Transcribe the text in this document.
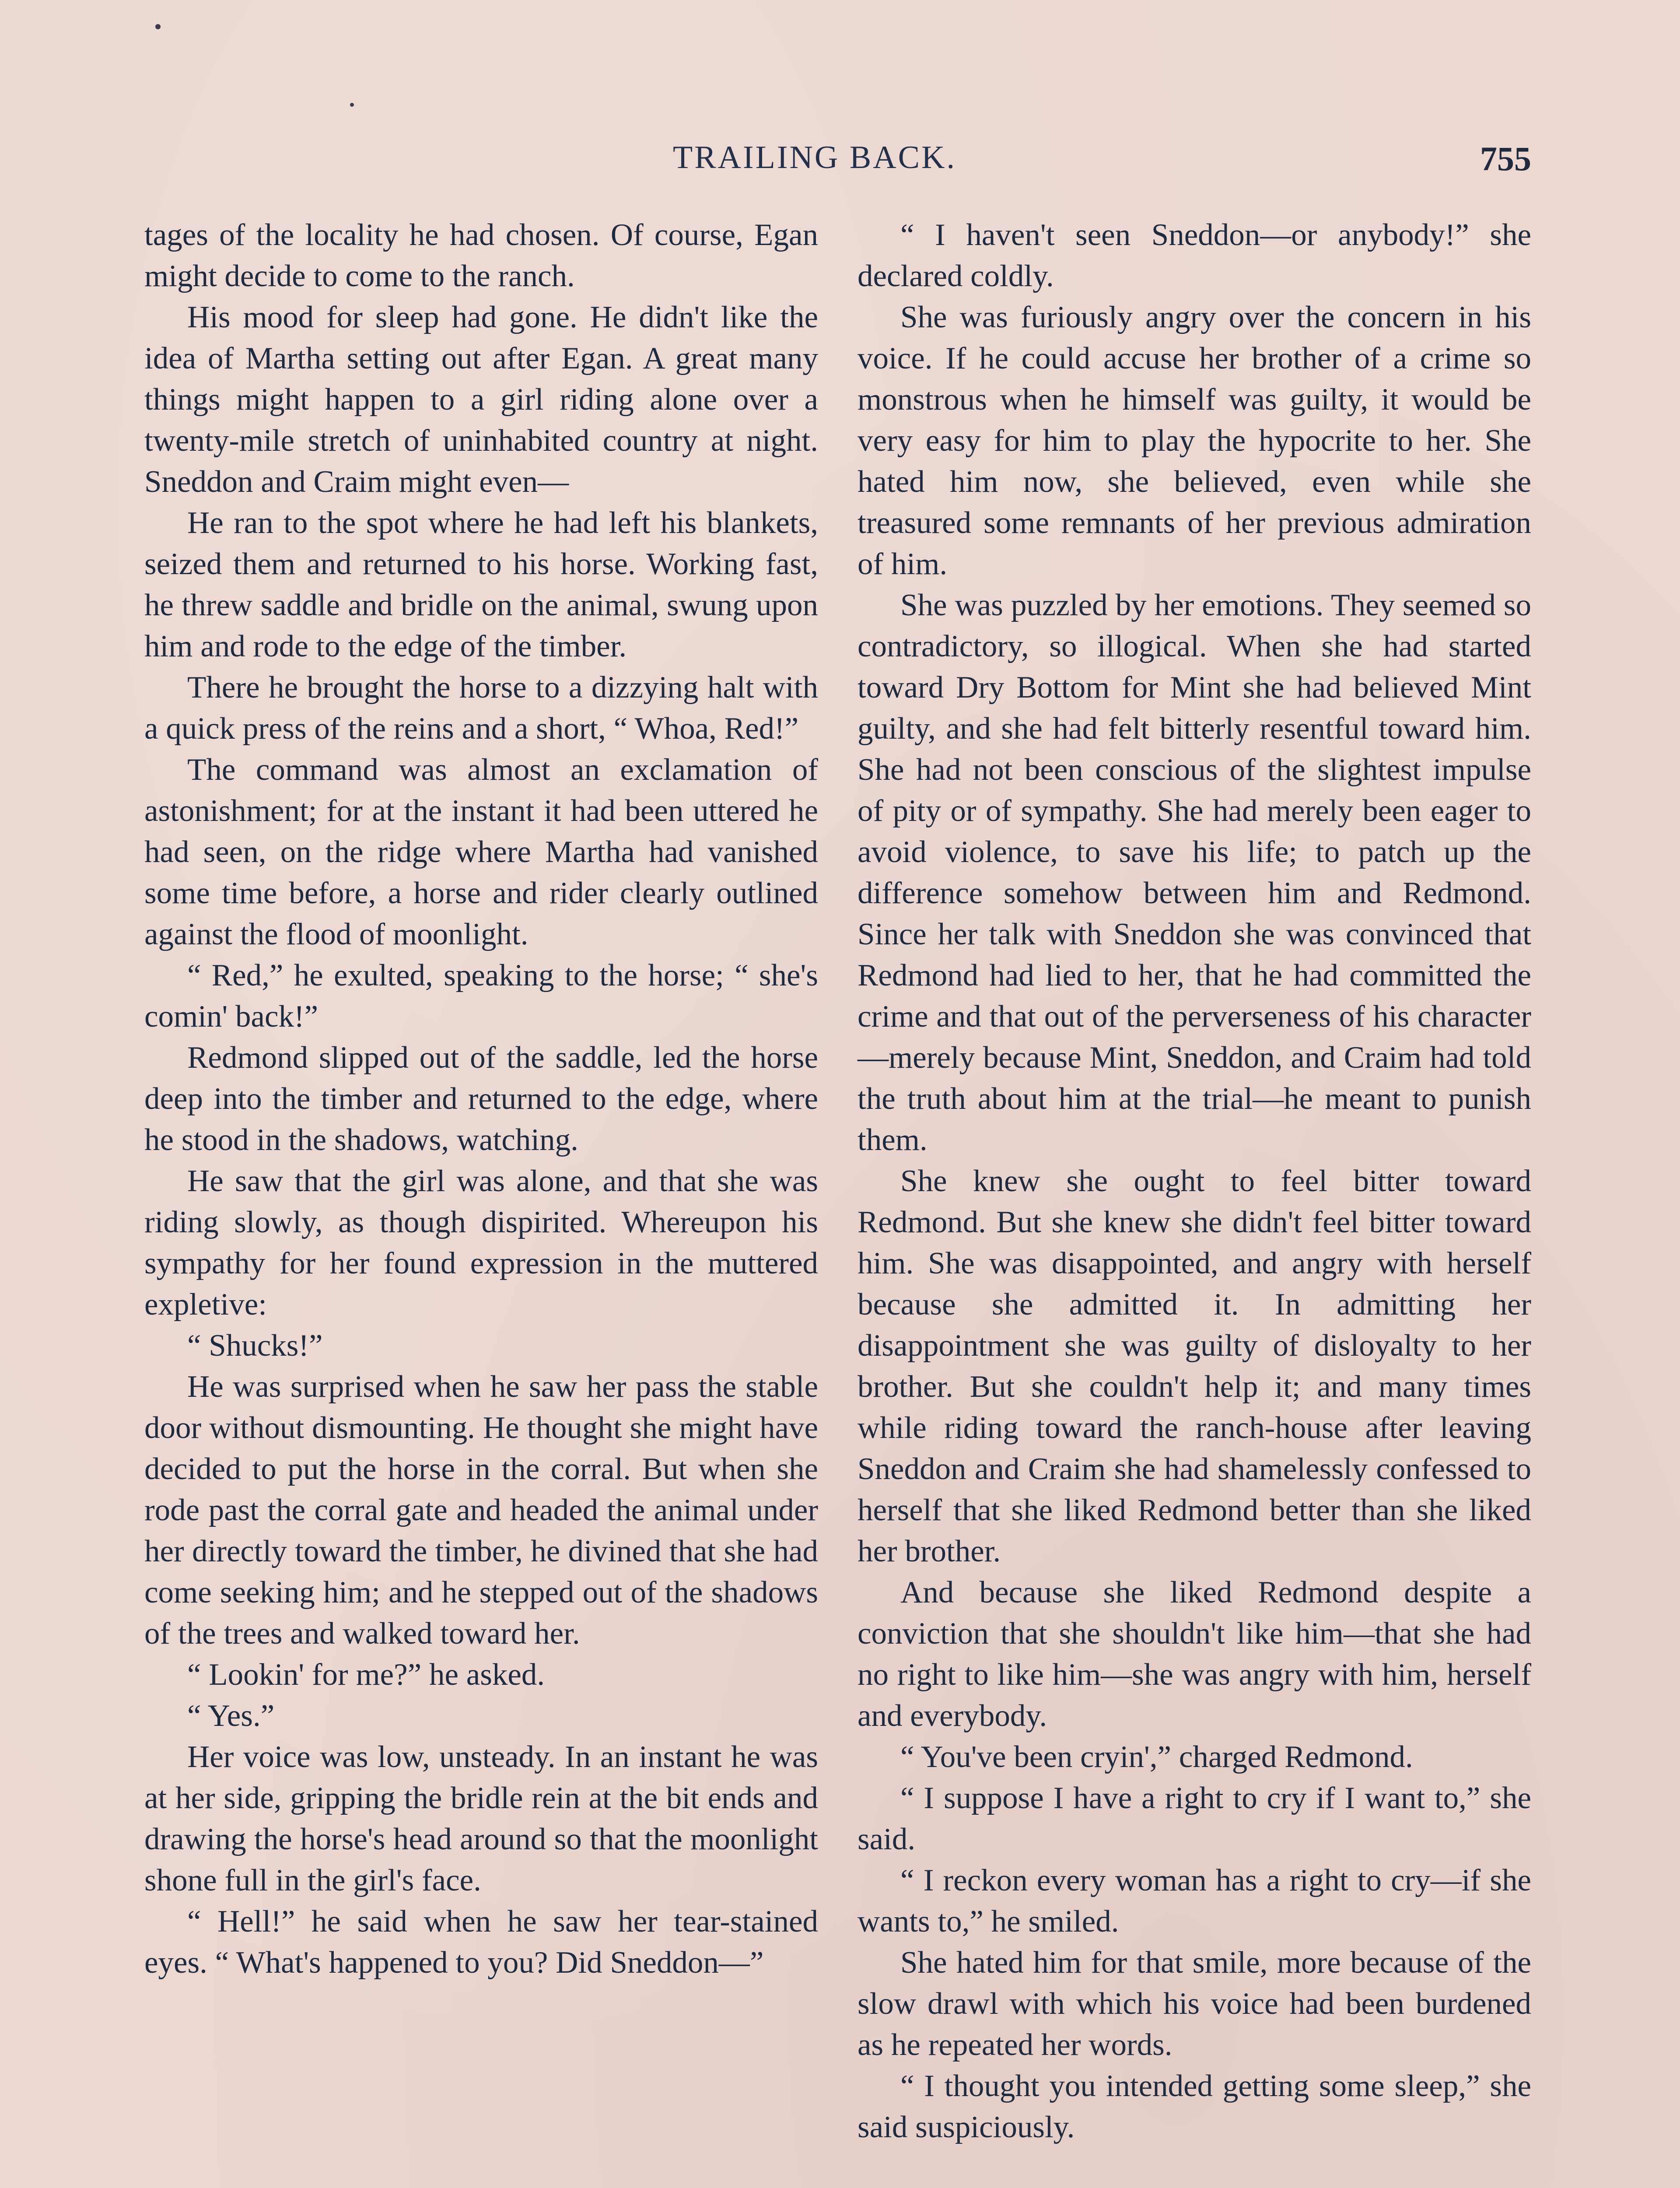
TRAILING BACK.	755

tages of the locality he had chosen. Of course, Egan might decide to come to the ranch.

His mood for sleep had gone. He didn't like the idea of Martha setting out after Egan. A great many things might happen to a girl riding alone over a twenty-mile stretch of uninhabited country at night. Sneddon and Craim might even—

He ran to the spot where he had left his blankets, seized them and returned to his horse. Working fast, he threw saddle and bridle on the animal, swung upon him and rode to the edge of the timber.

There he brought the horse to a dizzying halt with a quick press of the reins and a short, “ Whoa, Red!”

The command was almost an exclamation of astonishment; for at the instant it had been uttered he had seen, on the ridge where Martha had vanished some time before, a horse and rider clearly outlined against the flood of moonlight.

“ Red,” he exulted, speaking to the horse; “ she's comin' back!”

Redmond slipped out of the saddle, led the horse deep into the timber and returned to the edge, where he stood in the shadows, watching.

He saw that the girl was alone, and that she was riding slowly, as though dispirited. Whereupon his sympathy for her found expression in the muttered expletive:

“ Shucks!”

He was surprised when he saw her pass the stable door without dismounting. He thought she might have decided to put the horse in the corral. But when she rode past the corral gate and headed the animal under her directly toward the timber, he divined that she had come seeking him; and he stepped out of the shadows of the trees and walked toward her.

“ Lookin' for me?” he asked.

“ Yes.”

Her voice was low, unsteady. In an instant he was at her side, gripping the bridle rein at the bit ends and drawing the horse's head around so that the moonlight shone full in the girl's face.

“ Hell!” he said when he saw her tear-stained eyes. “ What's happened to you? Did Sneddon—”

“ I haven't seen Sneddon—or anybody!” she declared coldly.

She was furiously angry over the concern in his voice. If he could accuse her brother of a crime so monstrous when he himself was guilty, it would be very easy for him to play the hypocrite to her. She hated him now, she believed, even while she treasured some remnants of her previous admiration of him.

She was puzzled by her emotions. They seemed so contradictory, so illogical. When she had started toward Dry Bottom for Mint she had believed Mint guilty, and she had felt bitterly resentful toward him. She had not been conscious of the slightest impulse of pity or of sympathy. She had merely been eager to avoid violence, to save his life; to patch up the difference somehow between him and Redmond. Since her talk with Sneddon she was convinced that Redmond had lied to her, that he had committed the crime and that out of the perverseness of his character—merely because Mint, Sneddon, and Craim had told the truth about him at the trial—he meant to punish them.

She knew she ought to feel bitter toward Redmond. But she knew she didn't feel bitter toward him. She was disappointed, and angry with herself because she admitted it. In admitting her disappointment she was guilty of disloyalty to her brother. But she couldn't help it; and many times while riding toward the ranch-house after leaving Sneddon and Craim she had shamelessly confessed to herself that she liked Redmond better than she liked her brother.

And because she liked Redmond despite a conviction that she shouldn't like him—that she had no right to like him—she was angry with him, herself and everybody.

“ You've been cryin',” charged Redmond.

“ I suppose I have a right to cry if I want to,” she said.

“ I reckon every woman has a right to cry—if she wants to,” he smiled.

She hated him for that smile, more because of the slow drawl with which his voice had been burdened as he repeated her words.

“ I thought you intended getting some sleep,” she said suspiciously.
